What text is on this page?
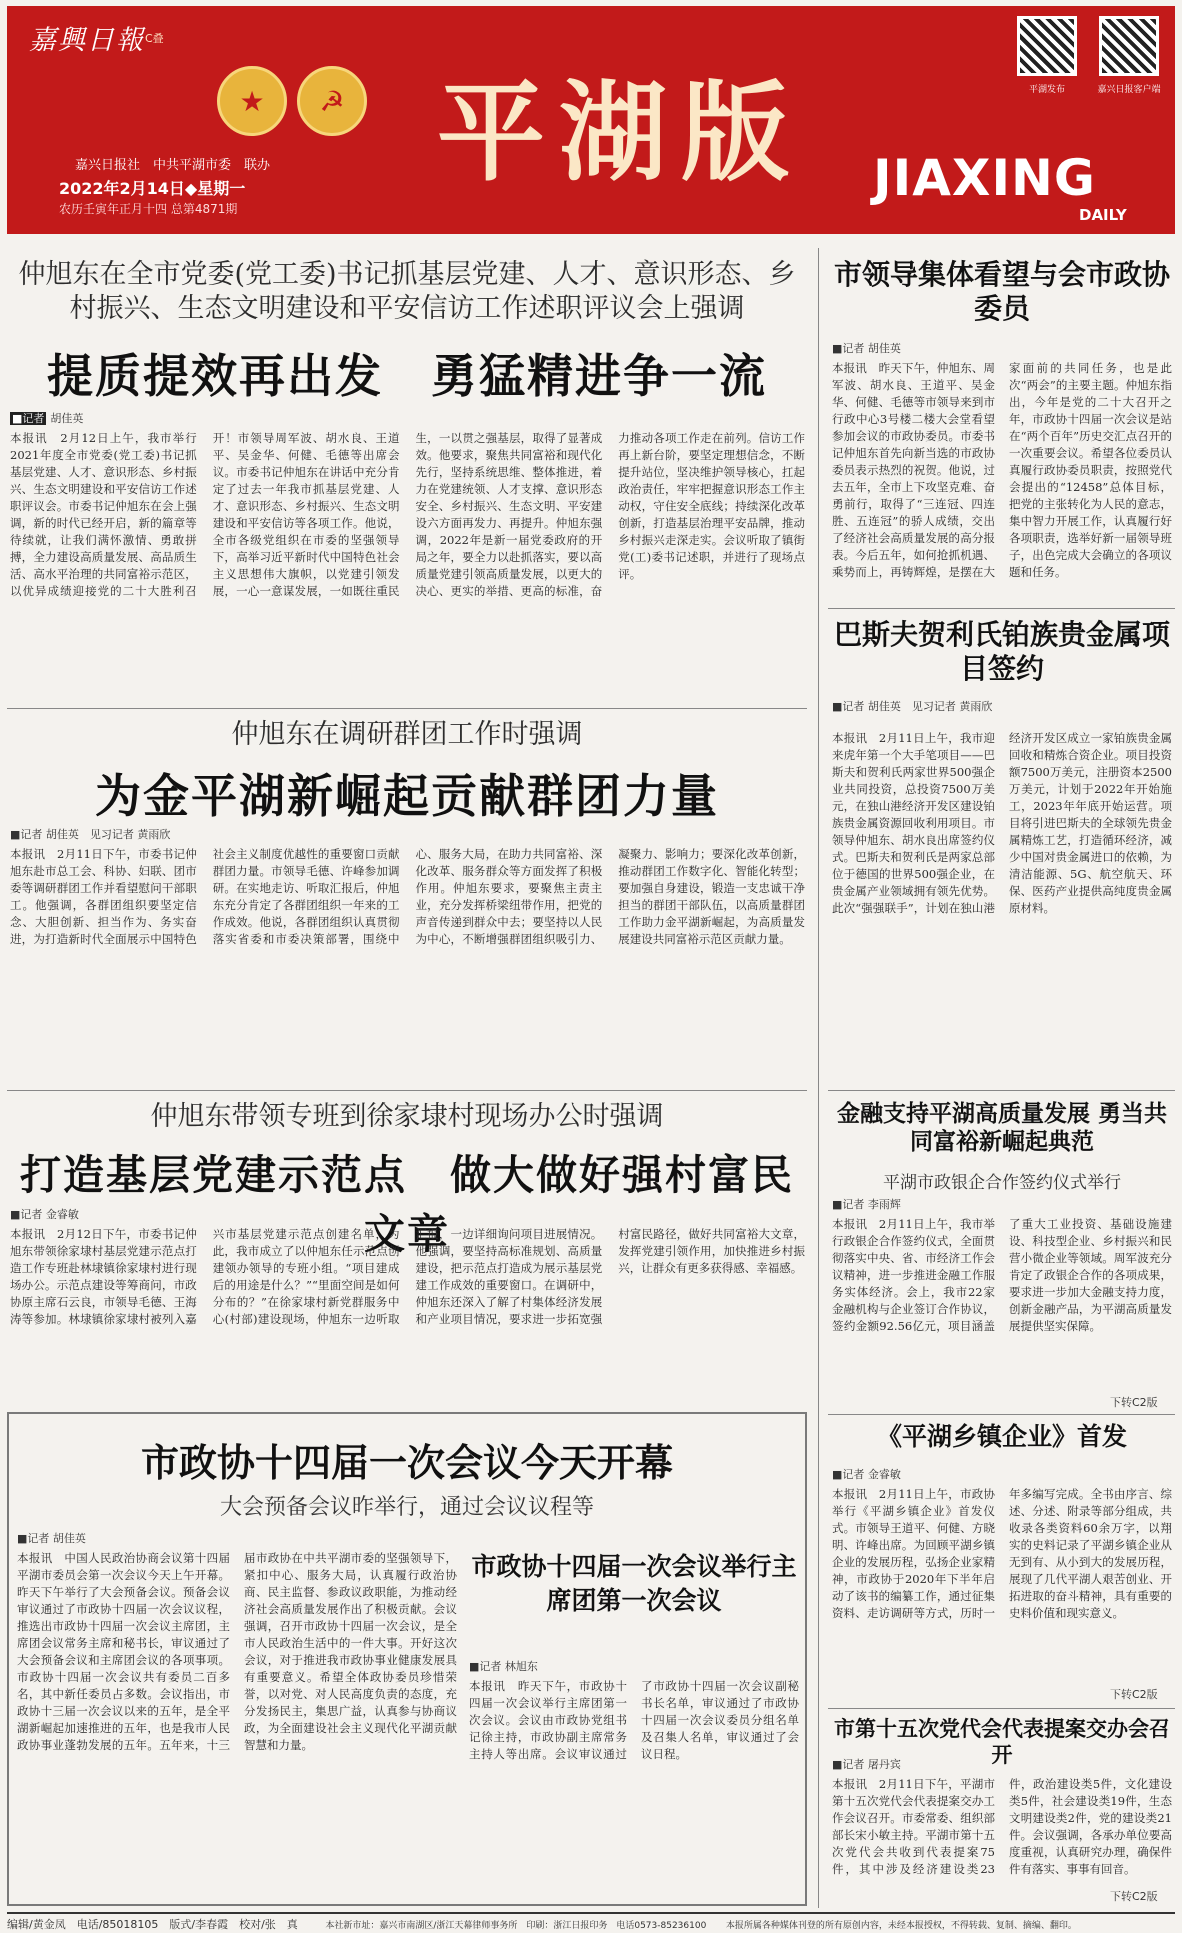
嘉興日報 C叠
★	☭ 平湖版
嘉兴日报社　中共平湖市委　联办
2022年2月14日◆星期一
农历壬寅年正月十四 总第4871期
平湖发布	嘉兴日报客户端
JIAXING
DAILY
仲旭东在全市党委(党工委)书记抓基层党建、人才、意识形态、乡村振兴、生态文明建设和平安信访工作述职评议会上强调
提质提效再出发　勇猛精进争一流
■记者 胡佳英
本报讯　2月12日上午，我市举行2021年度全市党委(党工委)书记抓基层党建、人才、意识形态、乡村振兴、生态文明建设和平安信访工作述职评议会。市委书记仲旭东在会上强调，新的时代已经开启，新的篇章等待续就，让我们满怀激情、勇敢拼搏，全力建设高质量发展、高品质生活、高水平治理的共同富裕示范区，以优异成绩迎接党的二十大胜利召开！市领导周军波、胡水良、王道平、吴金华、何健、毛德等出席会议。市委书记仲旭东在讲话中充分肯定了过去一年我市抓基层党建、人才、意识形态、乡村振兴、生态文明建设和平安信访等各项工作。他说，全市各级党组织在市委的坚强领导下，高举习近平新时代中国特色社会主义思想伟大旗帜，以党建引领发展，一心一意谋发展，一如既往重民生，一以贯之强基层，取得了显著成效。他要求，聚焦共同富裕和现代化先行，坚持系统思维、整体推进，着力在党建统领、人才支撑、意识形态安全、乡村振兴、生态文明、平安建设六方面再发力、再提升。仲旭东强调，2022年是新一届党委政府的开局之年，要全力以赴抓落实，要以高质量党建引领高质量发展，以更大的决心、更实的举措、更高的标准，奋力推动各项工作走在前列。信访工作再上新台阶，要坚定理想信念，不断提升站位，坚决维护领导核心，扛起政治责任，牢牢把握意识形态工作主动权，守住安全底线；持续深化改革创新，打造基层治理平安品牌，推动乡村振兴走深走实。会议听取了镇街党(工)委书记述职，并进行了现场点评。
仲旭东在调研群团工作时强调
为金平湖新崛起贡献群团力量
■记者 胡佳英　见习记者 黄雨欣
本报讯　2月11日下午，市委书记仲旭东赴市总工会、科协、妇联、团市委等调研群团工作并看望慰问干部职工。他强调，各群团组织要坚定信念、大胆创新、担当作为、务实奋进，为打造新时代全面展示中国特色社会主义制度优越性的重要窗口贡献群团力量。市领导毛德、许峰参加调研。在实地走访、听取汇报后，仲旭东充分肯定了各群团组织一年来的工作成效。他说，各群团组织认真贯彻落实省委和市委决策部署，围绕中心、服务大局，在助力共同富裕、深化改革、服务群众等方面发挥了积极作用。仲旭东要求，要聚焦主责主业，充分发挥桥梁纽带作用，把党的声音传递到群众中去；要坚持以人民为中心，不断增强群团组织吸引力、凝聚力、影响力；要深化改革创新，推动群团工作数字化、智能化转型；要加强自身建设，锻造一支忠诚干净担当的群团干部队伍，以高质量群团工作助力金平湖新崛起，为高质量发展建设共同富裕示范区贡献力量。
仲旭东带领专班到徐家埭村现场办公时强调
打造基层党建示范点　做大做好强村富民文章
■记者 金睿敏
本报讯　2月12日下午，市委书记仲旭东带领徐家埭村基层党建示范点打造工作专班赴林埭镇徐家埭村进行现场办公。示范点建设等筹商问，市政协原主席石云良，市领导毛德、王海涛等参加。林埭镇徐家埭村被列入嘉兴市基层党建示范点创建名单，为此，我市成立了以仲旭东任示范点创建领办领导的专班小组。“项目建成后的用途是什么？”“里面空间是如何分布的？”在徐家埭村新党群服务中心(村部)建设现场，仲旭东一边听取汇报，一边详细询问项目进展情况。他强调，要坚持高标准规划、高质量建设，把示范点打造成为展示基层党建工作成效的重要窗口。在调研中，仲旭东还深入了解了村集体经济发展和产业项目情况，要求进一步拓宽强村富民路径，做好共同富裕大文章，发挥党建引领作用，加快推进乡村振兴，让群众有更多获得感、幸福感。
市政协十四届一次会议今天开幕
大会预备会议昨举行，通过会议议程等
■记者 胡佳英
本报讯　中国人民政治协商会议第十四届平湖市委员会第一次会议今天上午开幕。昨天下午举行了大会预备会议。预备会议审议通过了市政协十四届一次会议议程，推选出市政协十四届一次会议主席团，主席团会议常务主席和秘书长，审议通过了大会预备会议和主席团会议的各项事项。市政协十四届一次会议共有委员二百多名，其中新任委员占多数。会议指出，市政协十三届一次会议以来的五年，是全平湖新崛起加速推进的五年，也是我市人民政协事业蓬勃发展的五年。五年来，十三届市政协在中共平湖市委的坚强领导下，紧扣中心、服务大局，认真履行政治协商、民主监督、参政议政职能，为推动经济社会高质量发展作出了积极贡献。会议强调，召开市政协十四届一次会议，是全市人民政治生活中的一件大事。开好这次会议，对于推进我市政协事业健康发展具有重要意义。希望全体政协委员珍惜荣誉，以对党、对人民高度负责的态度，充分发扬民主，集思广益，认真参与协商议政，为全面建设社会主义现代化平湖贡献智慧和力量。
市政协十四届一次会议举行主席团第一次会议
■记者 林旭东
本报讯　昨天下午，市政协十四届一次会议举行主席团第一次会议。会议由市政协党组书记徐主持，市政协副主席常务主持人等出席。会议审议通过了市政协十四届一次会议副秘书长名单，审议通过了市政协十四届一次会议委员分组名单及召集人名单，审议通过了会议日程。
市领导集体看望与会市政协委员
■记者 胡佳英
本报讯　昨天下午，仲旭东、周军波、胡水良、王道平、吴金华、何健、毛德等市领导来到市行政中心3号楼二楼大会堂看望参加会议的市政协委员。市委书记仲旭东首先向新当选的市政协委员表示热烈的祝贺。他说，过去五年，全市上下攻坚克难、奋勇前行，取得了“三连冠、四连胜、五连冠”的骄人成绩，交出了经济社会高质量发展的高分报表。今后五年，如何抢抓机遇、乘势而上，再铸辉煌，是摆在大家面前的共同任务，也是此次“两会”的主要主题。仲旭东指出，今年是党的二十大召开之年，市政协十四届一次会议是站在“两个百年”历史交汇点召开的一次重要会议。希望各位委员认真履行政协委员职责，按照党代会提出的“12458”总体目标，把党的主张转化为人民的意志，集中智力开展工作，认真履行好各项职责，选举好新一届领导班子，出色完成大会确立的各项议题和任务。
巴斯夫贺利氏铂族贵金属项目签约
■记者 胡佳英　见习记者 黄雨欣
本报讯　2月11日上午，我市迎来虎年第一个大手笔项目——巴斯夫和贺利氏两家世界500强企业共同投资，总投资7500万美元，在独山港经济开发区建设铂族贵金属资源回收利用项目。市领导仲旭东、胡水良出席签约仪式。巴斯夫和贺利氏是两家总部位于德国的世界500强企业，在贵金属产业领域拥有领先优势。此次“强强联手”，计划在独山港经济开发区成立一家铂族贵金属回收和精炼合资企业。项目投资额7500万美元，注册资本2500万美元，计划于2022年开始施工，2023年年底开始运营。项目将引进巴斯夫的全球领先贵金属精炼工艺，打造循环经济，减少中国对贵金属进口的依赖，为清洁能源、5G、航空航天、环保、医药产业提供高纯度贵金属原材料。
金融支持平湖高质量发展 勇当共同富裕新崛起典范
平湖市政银企合作签约仪式举行
■记者 李雨辉
本报讯　2月11日上午，我市举行政银企合作签约仪式，全面贯彻落实中央、省、市经济工作会议精神，进一步推进金融工作服务实体经济。会上，我市22家金融机构与企业签订合作协议，签约金额92.56亿元，项目涵盖了重大工业投资、基础设施建设、科技型企业、乡村振兴和民营小微企业等领域。周军波充分肯定了政银企合作的各项成果，要求进一步加大金融支持力度，创新金融产品，为平湖高质量发展提供坚实保障。
下转C2版
《平湖乡镇企业》首发
■记者 金睿敏
本报讯　2月11日上午，市政协举行《平湖乡镇企业》首发仪式。市领导王道平、何健、方晓明、许峰出席。为回顾平湖乡镇企业的发展历程，弘扬企业家精神，市政协于2020年下半年启动了该书的编纂工作，通过征集资料、走访调研等方式，历时一年多编写完成。全书由序言、综述、分述、附录等部分组成，共收录各类资料60余万字，以翔实的史料记录了平湖乡镇企业从无到有、从小到大的发展历程，展现了几代平湖人艰苦创业、开拓进取的奋斗精神，具有重要的史料价值和现实意义。
下转C2版
市第十五次党代会代表提案交办会召开
■记者 屠丹宾
本报讯　2月11日下午，平湖市第十五次党代会代表提案交办工作会议召开。市委常委、组织部部长宋小敏主持。平湖市第十五次党代会共收到代表提案75件，其中涉及经济建设类23件，政治建设类5件，文化建设类5件，社会建设类19件，生态文明建设类2件，党的建设类21件。会议强调，各承办单位要高度重视，认真研究办理，确保件件有落实、事事有回音。
下转C2版
编辑/黄金凤　电话/85018105　版式/李春霞　校对/张　真	本社新市址：嘉兴市南湖区/浙江天幕律师事务所　印刷：浙江日报印务　电话0573-85236100 本报所属各种媒体刊登的所有原创内容，未经本报授权，不得转载、复制、摘编、翻印。
